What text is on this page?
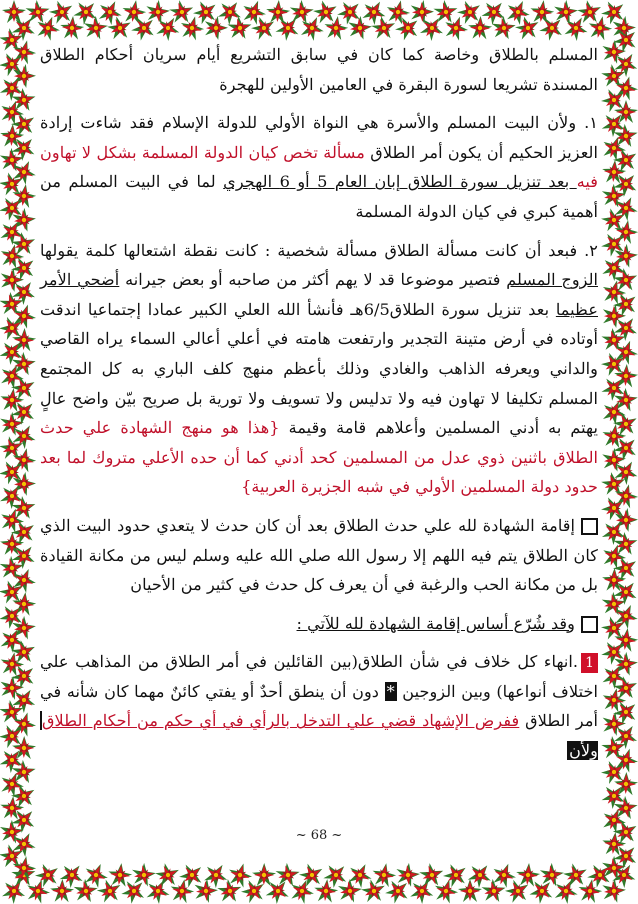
المسلم بالطلاق وخاصة كما كان في سابق التشريع أيام سريان أحكام الطلاق المسندة تشريعا لسورة البقرة في العامين الأولين للهجرة

١. ولأن البيت المسلم والأسرة هي النواة الأولي للدولة الإسلام فقد شاءت إرادة العزيز الحكيم أن يكون أمر الطلاق مسألة تخص كيان الدولة المسلمة بشكل لا تهاون فيه بعد تنزيل سورة الطلاق إبان العام 5 أو 6 الهجري لما في البيت المسلم من أهمية كبري في كيان الدولة المسلمة

٢. فبعد أن كانت مسألة الطلاق مسألة شخصية : كانت نقطة اشتعالها كلمة يقولها الزوج المسلم فتصير موضوعا قد لا يهم أكثر من صاحبه أو بعض جيرانه أضحي الأمر عظيما بعد تنزيل سورة الطلاق6/5هـ فأنشأ الله العلي الكبير عمادا إجتماعيا اندقت أوتاده في أرض متينة التجدير وارتفعت هامته في أعلي أعالي السماء يراه القاصي والداني ويعرفه الذاهب والغادي وذلك بأعظم منهج كلف الباري به كل المجتمع المسلم تكليفا لا تهاون فيه ولا تدليس ولا تسويف ولا تورية بل صريح بيّن واضح عالٍ يهتم به أدني المسلمين وأعلاهم قامة وقيمة {هذا هو منهج الشهادة علي حدث الطلاق باثنين ذوي عدل من المسلمين كحد أدني كما أن حده الأعلي متروك لما بعد حدود دولة المسلمين الأولي في شبه الجزيرة العربية}

إقامة الشهادة لله علي حدث الطلاق بعد أن كان حدث لا يتعدي حدود البيت الذي كان الطلاق يتم فيه اللهم إلا رسول الله صلي الله عليه وسلم ليس من مكانة القيادة بل من مكانة الحب والرغبة في أن يعرف كل حدث في كثير من الأحيان

وقد شُرّع أساس إقامة الشهادة لله للآتي :

1.انهاء كل خلاف في شأن الطلاق(بين القائلين في أمر الطلاق من المذاهب علي اختلاف أنواعها) وبين الزوجين * دون أن ينطق أحدٌ أو يفتي كائنٌ مهما كان شأنه في أمر الطلاق ففرض الإشهاد قضي علي التدخل بالرأي في أي حكم من أحكام الطلاق ولأن

~ 68 ~
